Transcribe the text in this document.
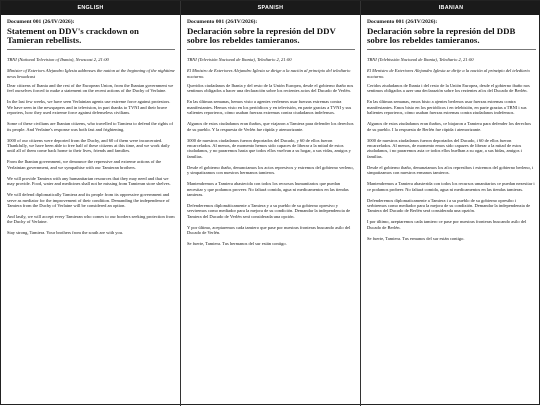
ENGLISH
Document 001 (26/IV/2026):
Statement on DDV's crackdown on Tamieran rebellists.
TBNI (National Television of Ibania), Newscast 2, 21:00
Minister of Exteriors Alejandro Iglesia addresses the nation at the beginning of the nighttime news broadcast

Dear citizens of Ibania and the rest of the European Union, from the Ibanian government we feel ourselves forced to make a statement on the recent actions of the Duchy of Verlaine.

In the last few weeks, we have seen Verlainian agents use extreme force against protestors. We have seen in the newspapers and in television, in part thanks to TVNI and their brave reporters, how they used extreme force against defenseless civilians.

Some of these civilians are Ibanian citizens, who travelled to Tamiera to defend the rights of its people. And Verlaine's response was both fast and frightening.

3000 of our citizens were deported from the Duchy, and 60 of them were incarcerated. Thankfully, we have been able to free half of these citizens at this time, and we work daily until all of them come back home to their lives, friends and families.

From the Ibanian government, we denounce the repressive and extreme actions of the Verlainian government, and we sympathise with our Tamieran brothers.

We will provide Tamiera with any humanitarian resources that they may need and that we may provide. Food, water and medicines shall not be missing from Tamieran store shelves.

We will defend diplomatically Tamiera and its people from its oppressive government and serve as mediator for the improvement of their condition. Demanding the independence of Tamiera from the Duchy of Verlaine will be considered an option.

And lastly, we will accept every Tamieran who comes to our borders seeking protection from the Duchy of Verlaine.

Stay strong, Tamiera. Your brothers from the south are with you.

SPANISH
Documento 001 (26/IV/2026):
Declaración sobre la represión del DDV sobre los rebeldes tamieranos.
TBNI (Televisión Nacional de Ibania), Telediario 2, 21:00
El Ministro de Exteriores Alejandro Iglesia se dirige a la nación al principio del telediario nocturno.

Queridos ciudadanos de Ibania y del resto de la Unión Europea, desde el gobierno ibaño nos sentimos obligados a hacer una declaración sobre los recientes actos del Ducado de Verlén.

En las últimas semanas, hemos visto a agentes verleneos usar fuerzas extremas contra manifestantes. Hemos visto en los periódicos y en televisión, en parte gracias a TVNI y sus valientes reporteros, cómo usaban fuerzas extremas contra ciudadanos indefensos.

Algunos de estos ciudadanos eran ibaños, que viajaron a Tamiera para defender los derechos de su pueblo. Y la respuesta de Verlén fue rápida y atemorizante.

3000 de nuestros ciudadanos fueron deportados del Ducado, y 60 de ellos fueron encarcelados. Al menos, de momento hemos sido capaces de liberar a la mitad de estos ciudadanos, y no pararemos hasta que todos ellos vuelvan a su hogar, a sus vidas, amigos y familias.

Desde el gobierno ibaño, denunciamos los actos represivos y extremos del gobierno verleno, y simpatizamos con nuestros hermanos tamieros.

Mantendremos a Tamiera abastecida con todos los recursos humanitarios que puedan necesitar y que podamos proveer. No faltará comida, agua ni medicamentos en las tiendas tamieras.

Defenderemos diplomáticamente a Tamiera y a su pueblo de su gobierno opresivo y serviremos como mediador para la mejora de su condición. Demandar la independencia de Tamiera del Ducado de Verlén será considerada una opción.

Y por último, aceptaremos cada tamiero que pase por nuestras fronteras buscando asilo del Ducado de Verlén.

Se fuerte, Tamiera. Tus hermanos del sur están contigo.

IBANIAN
Documento 001 (26/IV/2026):
Declaración sobre la represión del DDB sobre los rebeldes tamieranos.
TBNI (Telebissión Nacional de Ibania), Telediario 2, 21:00
El Menistro de Exteriores Alejandro Iglesia se dirije a la nación al prinzipio del telediario nocturno.

Ceridos ziudadanos de Ibania i del resto de la Unión Europea, desde el gobierno ibaño nos sentimos obligados a azer una declarazión sobre los rezientes aťos del Ducado de Berlén.

En las últimas semanas, emos bisto a ajentes berlenos usar fuerzas estremas contra manifestantes. Emos bisto en los periódicos i en telebisión, en parte grazias a TBNI i sus balientes reporteros, cómo usaban fuerzas estremas contra ziudadanos indefensos.

Algunos de estos ziudadanos eran ibaños, ce biajaron a Tamiera para defender los derechos de su pueblo. I la respuesta de Berlén fue rápida i atemorizante.

3000 de nuestros ziudadanos fueron deportados del Ducado, i 60 de ellos fueron encarzelados. Al menos, de momento emos sido capazes de liberar a la mitad de estos ziudadanos, i no pararemos asta ce todos ellos buelban a su ogar, a sus bidas, amigos i familias.

Desde el gobierno ibaño, denunziamos los aťos represibos i estremos del gobierno berleno, i simpatizamos con nuestros ermanos tamieros.

Mantendremos a Tamiera abasteзida con todos los recursos umanitarios ce puedan nezesitar i ce podamos probeer. No faltará comida, agua ni medicamentos en las tiendas tamieras.

Defenderemos diplomaticamente a Tamiera i a su pueblo de su gobierno opresibo i serbiremos como mediador para la mejora de su condizión. Demandar la independenzia de Tamiera del Ducado de Berlén será considerada una opzión.

I por último, azeptaremos cada tamiero ce pase por nuestras fronteras buscando asilo del Ducado de Berlén.

Se fuerte, Tamiera. Tus ermanos del sur están contigo.
